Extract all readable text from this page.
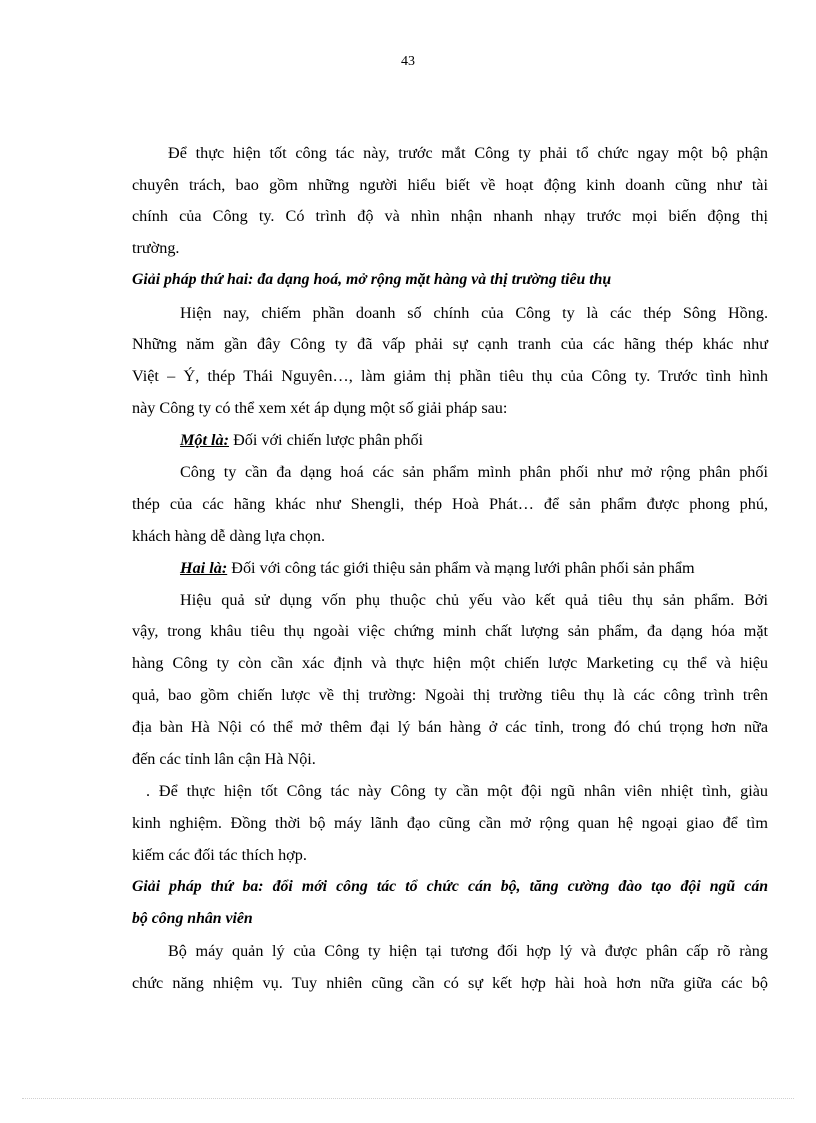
43
Để thực hiện tốt công tác này, trước mắt Công ty phải tổ chức ngay một bộ phận
chuyên trách, bao gồm những người hiểu biết về hoạt động kinh doanh cũng như tài
chính của Công ty. Có trình độ và nhìn nhận nhanh nhạy trước mọi biến động thị
trường.
Giải pháp thứ hai: đa dạng hoá, mở rộng mặt hàng và thị trường tiêu thụ
Hiện nay, chiếm phần doanh số chính của Công ty là các thép Sông Hồng.
Những năm gần đây Công ty đã vấp phải sự cạnh tranh của các hãng thép khác như
Việt – Ý, thép Thái Nguyên…, làm giảm thị phần tiêu thụ của Công ty. Trước tình hình
này Công ty có thể xem xét áp dụng một số giải pháp sau:
Một là: Đối với chiến lược phân phối
Công ty cần đa dạng hoá các sản phẩm mình phân phối như mở rộng phân phối
thép của các hãng khác như Shengli, thép Hoà Phát… để sản phẩm được phong phú,
khách hàng dễ dàng lựa chọn.
Hai là: Đối với công tác giới thiệu sản phẩm và mạng lưới phân phối sản phẩm
Hiệu quả sử dụng vốn phụ thuộc chủ yếu vào kết quả tiêu thụ sản phẩm. Bởi
vậy, trong khâu tiêu thụ ngoài việc chứng minh chất lượng sản phẩm, đa dạng hóa mặt
hàng Công ty còn cần xác định và thực hiện một chiến lược Marketing cụ thể và hiệu
quả, bao gồm chiến lược về thị trường: Ngoài thị trường tiêu thụ là các công trình trên
địa bàn Hà Nội có thể mở thêm đại lý bán hàng ở các tỉnh, trong đó chú trọng hơn nữa
đến các tỉnh lân cận Hà Nội.
. Để thực hiện tốt Công tác này Công ty cần một đội ngũ nhân viên nhiệt tình, giàu
kinh nghiệm. Đồng thời bộ máy lãnh đạo cũng cần mở rộng quan hệ ngoại giao để tìm
kiếm các đối tác thích hợp.
Giải pháp thứ ba: đổi mới công tác tổ chức cán bộ, tăng cường đào tạo đội ngũ cán
bộ công nhân viên
Bộ máy quản lý của Công ty hiện tại tương đối hợp lý và được phân cấp rõ ràng
chức năng nhiệm vụ. Tuy nhiên cũng cần có sự kết hợp hài hoà hơn nữa giữa các bộ
